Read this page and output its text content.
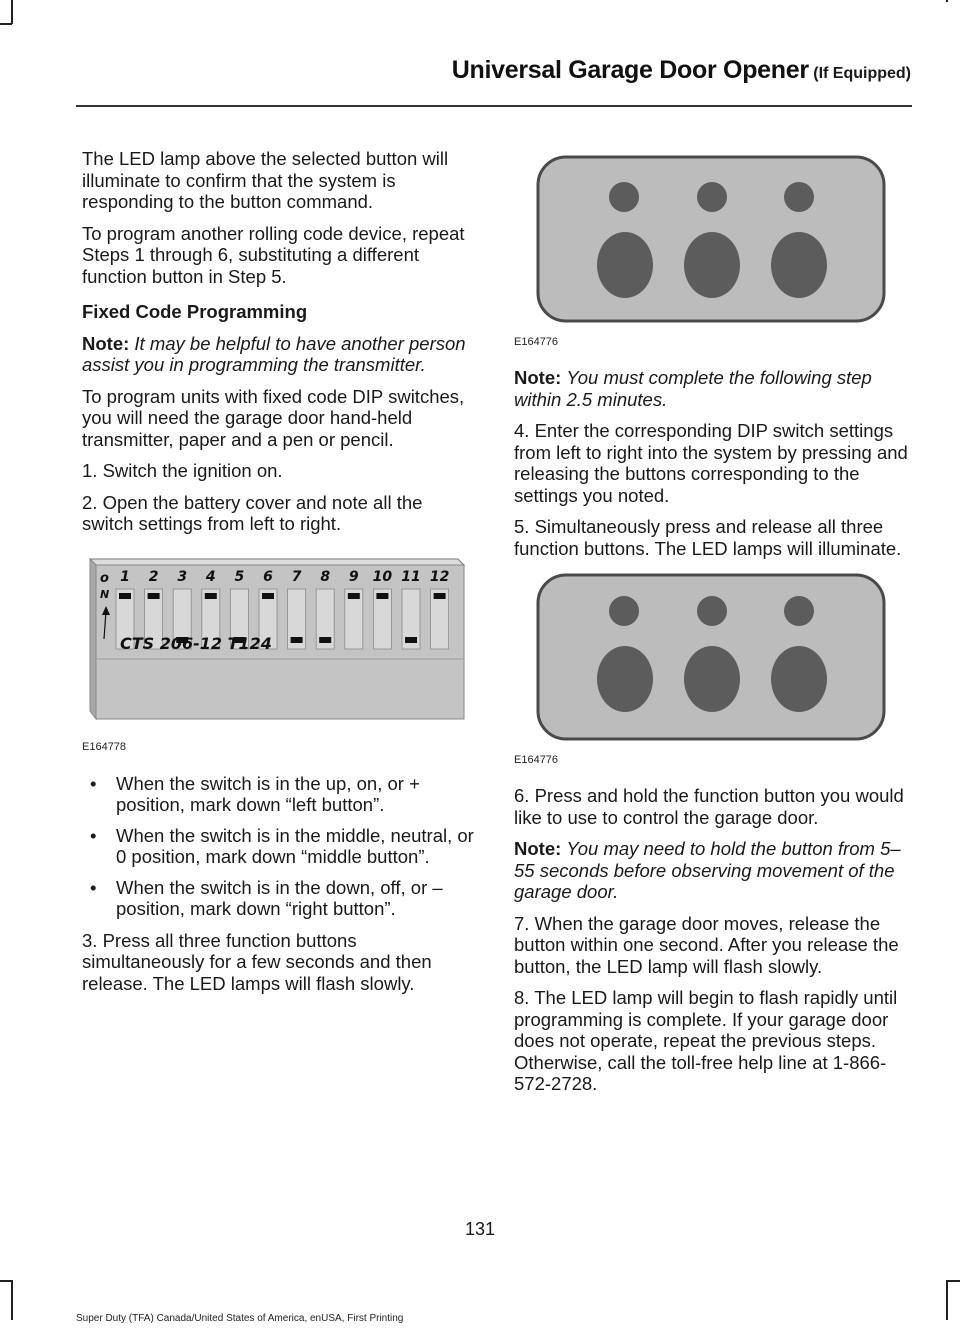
Universal Garage Door Opener (If Equipped)

The LED lamp above the selected button will illuminate to confirm that the system is responding to the button command.

To program another rolling code device, repeat Steps 1 through 6, substituting a different function button in Step 5.

Fixed Code Programming

Note: It may be helpful to have another person assist you in programming the transmitter.

To program units with fixed code DIP switches, you will need the garage door hand-held transmitter, paper and a pen or pencil.

1. Switch the ignition on.

2. Open the battery cover and note all the switch settings from left to right.

1 2 3 4 5 6 7 8 9 10 11 12
o
N
CTS 206-12 T124
E164778
• When the switch is in the up, on, or + position, mark down “left button”.
• When the switch is in the middle, neutral, or 0 position, mark down “middle button”.
• When the switch is in the down, off, or – position, mark down “right button”.

3. Press all three function buttons simultaneously for a few seconds and then release. The LED lamps will flash slowly.

E164776

Note: You must complete the following step within 2.5 minutes.

4. Enter the corresponding DIP switch settings from left to right into the system by pressing and releasing the buttons corresponding to the settings you noted.

5. Simultaneously press and release all three function buttons. The LED lamps will illuminate.

E164776

6. Press and hold the function button you would like to use to control the garage door.

Note: You may need to hold the button from 5–55 seconds before observing movement of the garage door.

7. When the garage door moves, release the button within one second. After you release the button, the LED lamp will flash slowly.

8. The LED lamp will begin to flash rapidly until programming is complete. If your garage door does not operate, repeat the previous steps. Otherwise, call the toll-free help line at 1-866-572-2728.

131
Super Duty (TFA) Canada/United States of America, enUSA, First Printing
